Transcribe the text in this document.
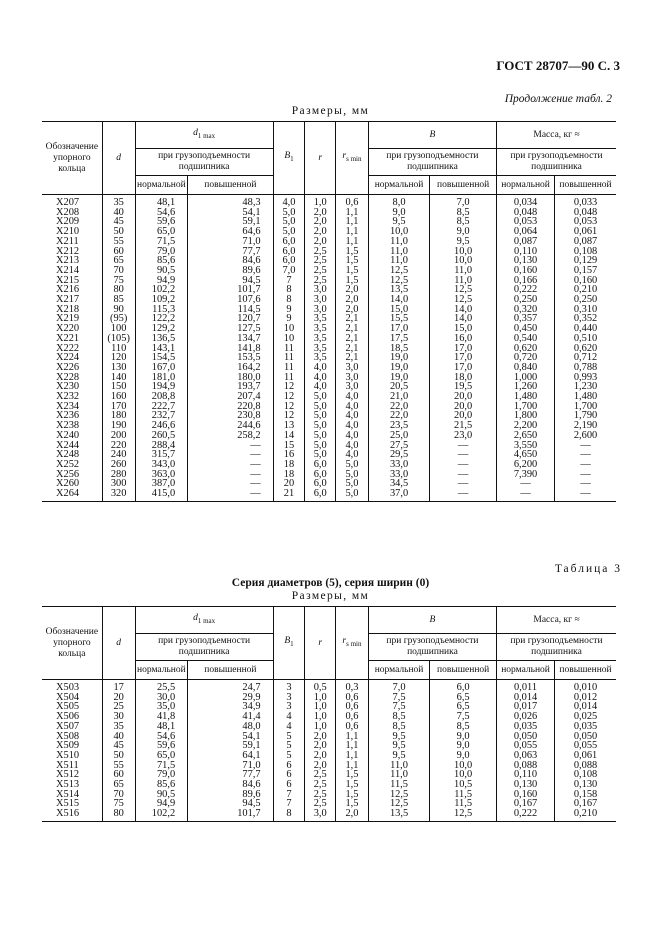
ГОСТ 28707—90 С. 3
Продолжение табл. 2
Размеры, мм
Обозначение упорного кольца	d	$d_{1 max}$		$B_1$	r	$r_{s min}$	B		Масса, кг ≈	
		при грузоподъемности подшипника					при грузоподъемности подшипника		при грузоподъемности подшипника	
		нормальной	повышенной				нормальной	повышенной	нормальной	повышенной
X207	35	48,1	48,3	4,0	1,0	0,6	8,0	7,0	0,034	0,033
X208	40	54,6	54,1	5,0	2,0	1,1	9,0	8,5	0,048	0,048
X209	45	59,6	59,1	5,0	2,0	1,1	9,5	8,5	0,053	0,053
X210	50	65,0	64,6	5,0	2,0	1,1	10,0	9,0	0,064	0,061
X211	55	71,5	71,0	6,0	2,0	1,1	11,0	9,5	0,087	0,087
X212	60	79,0	77,7	6,0	2,5	1,5	11,0	10,0	0,110	0,108
X213	65	85,6	84,6	6,0	2,5	1,5	11,0	10,0	0,130	0,129
X214	70	90,5	89,6	7,0	2,5	1,5	12,5	11,0	0,160	0,157
X215	75	94,9	94,5	7	2,5	1,5	12,5	11,0	0,166	0,160
X216	80	102,2	101,7	8	3,0	2,0	13,5	12,5	0,222	0,210
X217	85	109,2	107,6	8	3,0	2,0	14,0	12,5	0,250	0,250
X218	90	115,3	114,5	9	3,0	2,0	15,0	14,0	0,320	0,310
X219	(95)	122,2	120,7	9	3,5	2,1	15,5	14,0	0,357	0,352
X220	100	129,2	127,5	10	3,5	2,1	17,0	15,0	0,450	0,440
X221	(105)	136,5	134,7	10	3,5	2,1	17,5	16,0	0,540	0,510
X222	110	143,1	141,8	11	3,5	2,1	18,5	17,0	0,620	0,620
X224	120	154,5	153,5	11	3,5	2,1	19,0	17,0	0,720	0,712
X226	130	167,0	164,2	11	4,0	3,0	19,0	17,0	0,840	0,788
X228	140	181,0	180,0	11	4,0	3,0	19,0	18,0	1,000	0,993
X230	150	194,9	193,7	12	4,0	3,0	20,5	19,5	1,260	1,230
X232	160	208,8	207,4	12	5,0	4,0	21,0	20,0	1,480	1,480
X234	170	222,7	220,8	12	5,0	4,0	22,0	20,0	1,700	1,700
X236	180	232,7	230,8	12	5,0	4,0	22,0	20,0	1,800	1,790
X238	190	246,6	244,6	13	5,0	4,0	23,5	21,5	2,200	2,190
X240	200	260,5	258,2	14	5,0	4,0	25,0	23,0	2,650	2,600
X244	220	288,4	—	15	5,0	4,0	27,5	—	3,550	—
X248	240	315,7	—	16	5,0	4,0	29,5	—	4,650	—
X252	260	343,0	—	18	6,0	5,0	33,0	—	6,200	—
X256	280	363,0	—	18	6,0	5,0	33,0	—	7,390	—
X260	300	387,0	—	20	6,0	5,0	34,5	—	—	—
X264	320	415,0	—	21	6,0	5,0	37,0	—	—	—
Таблица 3
Серия диаметров (5), серия ширин (0)
Размеры, мм
Обозначение упорного кольца	d	$d_{1 max}$		$B_1$	r	$r_{s min}$	B		Масса, кг ≈	
		при грузоподъемности подшипника					при грузоподъемности подшипника		при грузоподъемности подшипника	
		нормальной	повышенной				нормальной	повышенной	нормальной	повышенной
X503	17	25,5	24,7	3	0,5	0,3	7,0	6,0	0,011	0,010
X504	20	30,0	29,9	3	1,0	0,6	7,5	6,5	0,014	0,012
X505	25	35,0	34,9	3	1,0	0,6	7,5	6,5	0,017	0,014
X506	30	41,8	41,4	4	1,0	0,6	8,5	7,5	0,026	0,025
X507	35	48,1	48,0	4	1,0	0,6	8,5	8,5	0,035	0,035
X508	40	54,6	54,1	5	2,0	1,1	9,5	9,0	0,050	0,050
X509	45	59,6	59,1	5	2,0	1,1	9,5	9,0	0,055	0,055
X510	50	65,0	64,1	5	2,0	1,1	9,5	9,0	0,063	0,061
X511	55	71,5	71,0	6	2,0	1,1	11,0	10,0	0,088	0,088
X512	60	79,0	77,7	6	2,5	1,5	11,0	10,0	0,110	0,108
X513	65	85,6	84,6	6	2,5	1,5	11,5	10,5	0,130	0,130
X514	70	90,5	89,6	7	2,5	1,5	12,5	11,5	0,160	0,158
X515	75	94,9	94,5	7	2,5	1,5	12,5	11,5	0,167	0,167
X516	80	102,2	101,7	8	3,0	2,0	13,5	12,5	0,222	0,210
